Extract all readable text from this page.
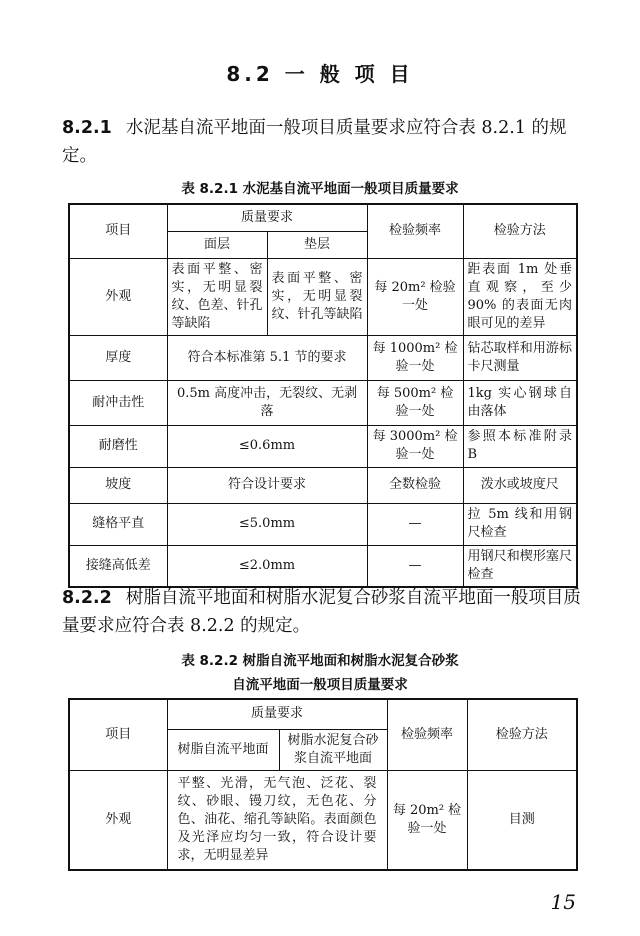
8.2 一 般 项 目
8.2.1 水泥基自流平地面一般项目质量要求应符合表 8.2.1 的规定。
表 8.2.1 水泥基自流平地面一般项目质量要求
项目	质量要求		检验频率	检验方法
	面层	垫层		
外观	表面平整、密实，无明显裂纹、色差、针孔等缺陷	表面平整、密实，无明显裂纹、针孔等缺陷	每 20m² 检验一处	距表面 1m 处垂直观察，至少 90% 的表面无肉眼可见的差异
厚度	符合本标准第 5.1 节的要求		每 1000m² 检验一处	钻芯取样和用游标卡尺测量
耐冲击性	0.5m 高度冲击，无裂纹、无剥落		每 500m² 检验一处	1kg 实心钢球自由落体
耐磨性	≤0.6mm		每 3000m² 检验一处	参照本标准附录 B
坡度	符合设计要求		全数检验	泼水或坡度尺
缝格平直	≤5.0mm		—	拉 5m 线和用钢尺检查
接缝高低差	≤2.0mm		—	用钢尺和楔形塞尺检查
8.2.2 树脂自流平地面和树脂水泥复合砂浆自流平地面一般项目质量要求应符合表 8.2.2 的规定。
表 8.2.2 树脂自流平地面和树脂水泥复合砂浆
自流平地面一般项目质量要求
项目	质量要求		检验频率	检验方法
	树脂自流平地面	树脂水泥复合砂浆自流平地面		
外观	平整、光滑，无气泡、泛花、裂纹、砂眼、镘刀纹，无色花、分色、油花、缩孔等缺陷。表面颜色及光泽应均匀一致，符合设计要求，无明显差异		每 20m² 检验一处	目测
15
